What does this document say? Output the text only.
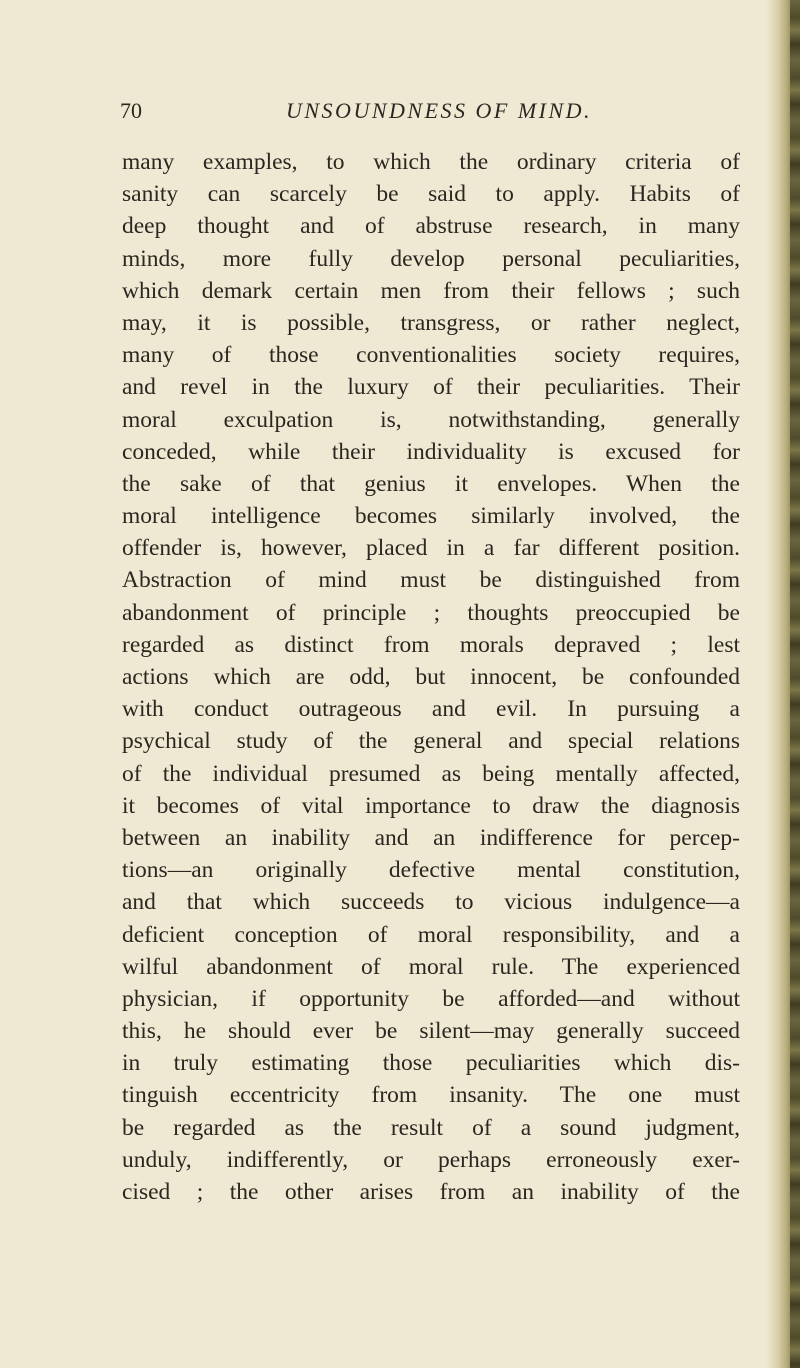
70	UNSOUNDNESS OF MIND.
many examples, to which the ordinary criteria of
sanity can scarcely be said to apply. Habits of
deep thought and of abstruse research, in many
minds, more fully develop personal peculiarities,
which demark certain men from their fellows ; such
may, it is possible, transgress, or rather neglect,
many of those conventionalities society requires,
and revel in the luxury of their peculiarities. Their
moral exculpation is, notwithstanding, generally
conceded, while their individuality is excused for
the sake of that genius it envelopes. When the
moral intelligence becomes similarly involved, the
offender is, however, placed in a far different position.
Abstraction of mind must be distinguished from
abandonment of principle ; thoughts preoccupied be
regarded as distinct from morals depraved ; lest
actions which are odd, but innocent, be confounded
with conduct outrageous and evil. In pursuing a
psychical study of the general and special relations
of the individual presumed as being mentally affected,
it becomes of vital importance to draw the diagnosis
between an inability and an indifference for percep-
tions—an originally defective mental constitution,
and that which succeeds to vicious indulgence—a
deficient conception of moral responsibility, and a
wilful abandonment of moral rule. The experienced
physician, if opportunity be afforded—and without
this, he should ever be silent—may generally succeed
in truly estimating those peculiarities which dis-
tinguish eccentricity from insanity. The one must
be regarded as the result of a sound judgment,
unduly, indifferently, or perhaps erroneously exer-
cised ; the other arises from an inability of the
